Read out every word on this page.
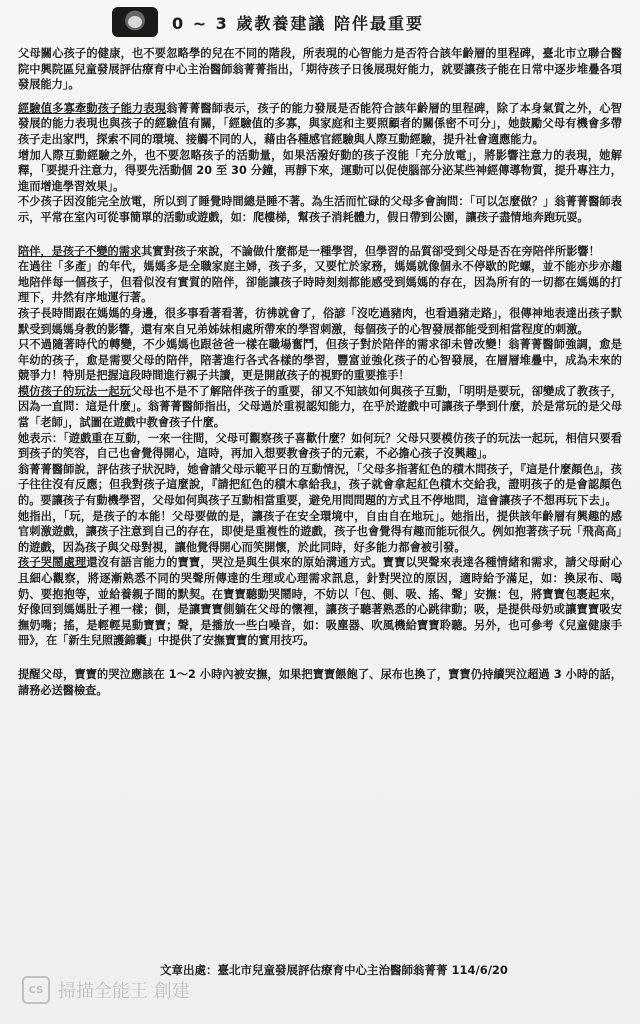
0 ~ 3 歲教養建議 陪伴最重要

父母關心孩子的健康，也不要忽略學的兒在不同的階段，所表現的心智能力是否符合該年齡層的里程碑，臺北市立聯合醫院中興院區兒童發展評估療育中心主治醫師翁菁菁指出，「期待孩子日後展現好能力，就要讓孩子能在日常中逐步堆疊各項發展能力」。

經驗值多寡牽動孩子能力表現翁菁菁醫師表示，孩子的能力發展是否能符合該年齡層的里程碑，除了本身氣質之外，心智發展的能力表現也與孩子的經驗值有關，「經驗值的多寡，與家庭和主要照顧者的關係密不可分」，她鼓勵父母有機會多帶孩子走出家門，探索不同的環境、接觸不同的人，藉由各種感官經驗與人際互動經驗，提升社會適應能力。

增加人際互動經驗之外，也不要忽略孩子的活動量，如果活潑好動的孩子沒能「充分放電」，將影響注意力的表現，她解釋，「要提升注意力，得要先活動個 20 至 30 分鐘，再靜下來，運動可以促使腦部分泌某些神經傳導物質，提升專注力，進而增進學習效果」。

不少孩子因沒能完全放電，所以到了睡覺時間總是睡不著。為生活而忙碌的父母多會詢問：「可以怎麼做？」翁菁菁醫師表示，平常在室內可從事簡單的活動或遊戲，如：爬樓梯，幫孩子消耗體力，假日帶到公園，讓孩子盡情地奔跑玩耍。

陪伴，是孩子不變的需求其實對孩子來說，不論做什麼都是一種學習，但學習的品質卻受到父母是否在旁陪伴所影響！

在過往「多產」的年代，媽媽多是全職家庭主婦，孩子多，又要忙於家務，媽媽就像個永不停歇的陀螺，並不能亦步亦趨地陪伴每一個孩子，但看似沒有實質的陪伴，卻能讓孩子時時刻刻都能感受到媽媽的存在，因為所有的一切都在媽媽的打理下，井然有序地運行著。

孩子長時間跟在媽媽的身邊，很多事看著看著，彷彿就會了，俗諺「沒吃過豬肉，也看過豬走路」，很傳神地表達出孩子默默受到媽媽身教的影響，還有來自兄弟姊妹相處所帶來的學習刺激，每個孩子的心智發展都能受到相當程度的刺激。

只不過隨著時代的轉變，不少媽媽也跟爸爸一樣在職場奮鬥，但孩子對於陪伴的需求卻未曾改變！翁菁菁醫師強調，愈是年幼的孩子，愈是需要父母的陪伴，陪著進行各式各樣的學習，豐富並強化孩子的心智發展，在層層堆疊中，成為未來的競爭力！特別是把握這段時間進行親子共讀，更是開啟孩子的視野的重要推手！

模仿孩子的玩法一起玩父母也不是不了解陪伴孩子的重要，卻又不知該如何與孩子互動，「明明是要玩，卻變成了教孩子，因為一直問：這是什麼」。翁菁菁醫師指出，父母過於重視認知能力，在乎於遊戲中可讓孩子學到什麼，於是常玩的是父母當「老師」，試圖在遊戲中教會孩子什麼。

她表示：「遊戲重在互動，一來一往間，父母可觀察孩子喜歡什麼？如何玩？父母只要模仿孩子的玩法一起玩，相信只要看到孩子的笑容，自己也會覺得開心，這時，再加入想要教會孩子的元素，不必擔心孩子沒興趣」。

翁菁菁醫師說，評估孩子狀況時，她會請父母示範平日的互動情況，「父母多指著紅色的積木問孩子，『這是什麼顏色』，孩子往往沒有反應；但我對孩子這麼說，『請把紅色的積木拿給我』，孩子就會拿起紅色積木交給我，證明孩子的是會認顏色的。要讓孩子有動機學習，父母如何與孩子互動相當重要，避免用問問題的方式且不停地問，這會讓孩子不想再玩下去」。

她指出，「玩，是孩子的本能！父母要做的是，讓孩子在安全環境中，自由自在地玩」。她指出，提供該年齡層有興趣的感官刺激遊戲，讓孩子注意到自己的存在，即使是重複性的遊戲，孩子也會覺得有趣而能玩很久。例如抱著孩子玩「飛高高」的遊戲，因為孩子與父母對視，讓他覺得開心而笑開懷，於此同時，好多能力都會被引發。

孩子哭鬧處理還沒有語言能力的寶寶，哭泣是與生俱來的原始溝通方式。寶寶以哭聲來表達各種情緒和需求，請父母耐心且細心觀察，將逐漸熟悉不同的哭聲所傳達的生理或心理需求訊息，針對哭泣的原因，適時給予滿足，如：換尿布、喝奶、要抱抱等，並給養親子間的默契。在寶寶聽動哭鬧時，不妨以「包、側、吸、搖、聲」安撫：包，將寶寶包裹起來，好像回到媽媽肚子裡一樣；側，是讓寶寶側躺在父母的懷裡，讓孩子聽著熟悉的心跳律動；吸，是提供母奶或讓寶寶吸安撫奶嘴；搖，是輕輕晃動寶寶；聲，是播放一些白噪音，如：吸塵器、吹風機給寶寶聆聽。另外，也可參考《兒童健康手冊》，在「新生兒照護錦囊」中提供了安撫寶寶的實用技巧。

提醒父母，寶寶的哭泣應該在 1～2 小時內被安撫，如果把寶寶餵飽了、尿布也換了，寶寶仍持續哭泣超過 3 小時的話，請務必送醫檢查。

文章出處：臺北市兒童發展評估療育中心主治醫師翁菁菁 114/6/20
CS 掃描全能王 創建
